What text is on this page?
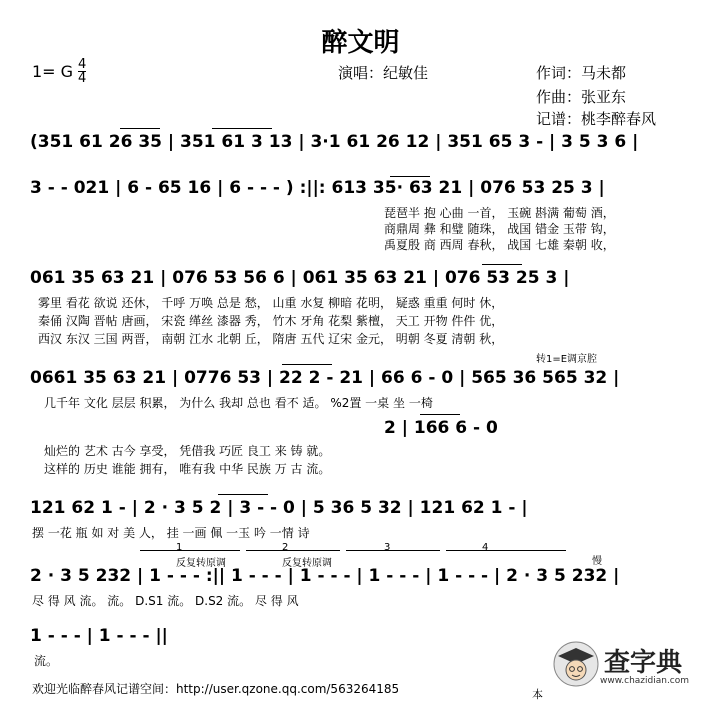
醉文明
演唱：纪敏佳	作词：马未都
作曲：张亚东
记谱：桃李醉春风
1= G $\frac{4}{4}$
(351 61 26 35 | 351 61 3 13 | 3·1 61 26 12 | 351 65 3 - | 3 5 3 6 |
3 - - 021 | 6 - 65 16 | 6 - - - ) :||: 613 35· 63 21 | 076 53 25 3 |
琵琶半 抱 心曲 一首， 玉碗 斟满 葡萄 酒，
商鼎周 彝 和璧 随珠， 战国 错金 玉带 钩，
禹夏殷 商 西周 春秋， 战国 七雄 秦朝 收，
061 35 63 21 | 076 53 56 6 | 061 35 63 21 | 076 53 25 3 |
雾里 看花 欲说 还休， 千呼 万唤 总是 愁， 山重 水复 柳暗 花明， 疑惑 重重 何时 休，
秦俑 汉陶 晋帖 唐画， 宋瓷 缂丝 漆器 秀， 竹木 牙角 花梨 紫檀， 天工 开物 件件 优，
西汉 东汉 三国 两晋， 南朝 江水 北朝 丘， 隋唐 五代 辽宋 金元， 明朝 冬夏 清朝 秋，
转1=E调京腔
0661 35 63 21 | 0776 53 | 22 2 - 21 | 66 6 - 0 | 565 36 565 32 |
几千年 文化 层层 积累， 为什么 我却 总也 看不 适。 %2置 一桌 坐 一椅
2 | 166 6 - 0
灿烂的 艺术 古今 享受， 凭借我 巧匠 良工 来 铸 就。
这样的 历史 谁能 拥有， 唯有我 中华 民族 万 古 流。
121 62 1 - | 2 · 3 5 2 | 3 - - 0 | 5 36 5 32 | 121 62 1 - |
摆 一花 瓶 如 对 美 人， 挂 一画 佩 一玉 吟 一情 诗
1
反复转原调
2
反复转原调
3	4
慢
2 · 3 5 232 | 1 - - - :|| 1 - - - | 1 - - - | 1 - - - | 1 - - - | 2 · 3 5 232 |
尽 得 风 流。 流。 D.S1 流。 D.S2 流。 尽 得 风
1 - - - | 1 - - - ||
流。
欢迎光临醉春风记谱空间：http://user.qzone.qq.com/563264185	本
查字典
www.chazidian.com
